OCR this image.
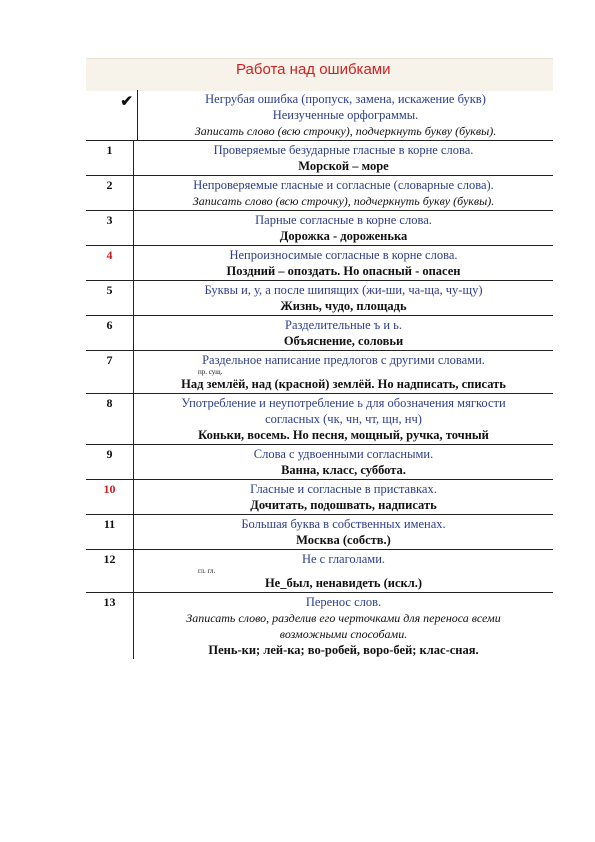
Работа над ошибками
✔	Негрубая ошибка (пропуск, замена, искажение букв)
Неизученные орфограммы.
Записать слово (всю строчку), подчеркнуть букву (буквы).
1	Проверяемые безударные гласные в корне слова.
Морской – море
2	Непроверяемые гласные и согласные (словарные слова).
Записать слово (всю строчку), подчеркнуть букву (буквы).
3	Парные согласные в корне слова.
Дорожка - дороженька
4	Непроизносимые согласные в корне слова.
Поздний – опоздать. Но опасный - опасен
5	Буквы и, у, а после шипящих (жи-ши, ча-ща, чу-щу)
Жизнь, чудо, площадь
6	Разделительные ъ и ь.
Объяснение, соловьи
7	Раздельное написание предлогов с другими словами.
пр. сущ.
Над землёй, над (красной) землёй. Но надписать, списать
8	Употребление и неупотребление ь для обозначения мягкости
согласных (чк, чн, чт, щн, нч)
Коньки, восемь. Но песня, мощный, ручка, точный
9	Слова с удвоенными согласными.
Ванна, класс, суббота.
10	Гласные и согласные в приставках.
Дочитать, подошвать, надписать
11	Большая буква в собственных именах.
Москва (собств.)
12	Не с глаголами.
гл. гл.
Не_был, ненавидеть (искл.)
13	Перенос слов.
Записать слово, разделив его черточками для переноса всеми
возможными способами.
Пень-ки; лей-ка; во-робей, воро-бей; клас-сная.
